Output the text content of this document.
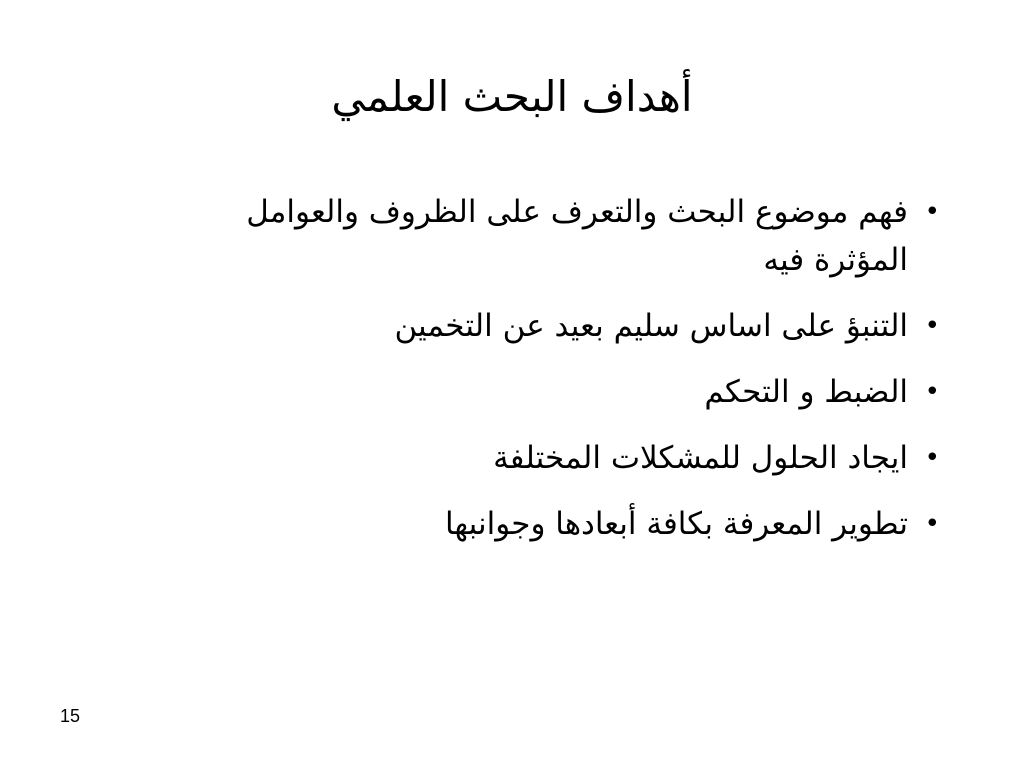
أهداف البحث العلمي
• فهم موضوع البحث والتعرف على الظروف والعوامل المؤثرة فيه
• التنبؤ على اساس سليم بعيد عن التخمين
• الضبط و التحكم
• ايجاد الحلول للمشكلات المختلفة
• تطوير المعرفة بكافة أبعادها وجوانبها
15
